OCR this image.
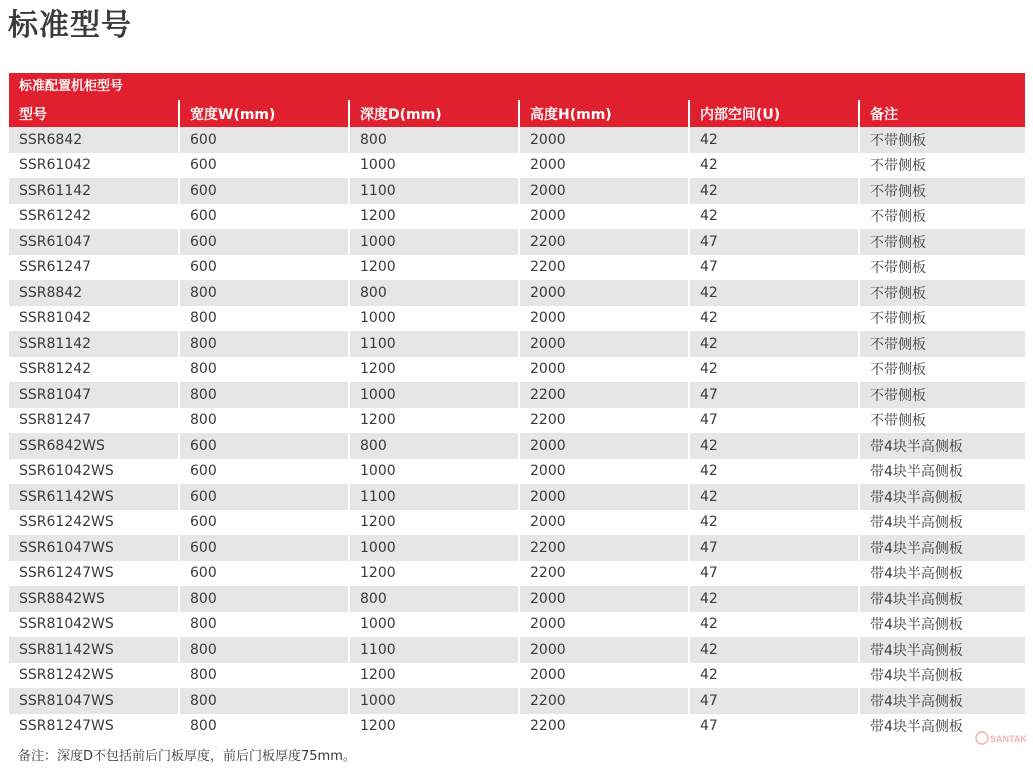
标准型号
标准配置机柜型号
型号	宽度W(mm)	深度D(mm)	高度H(mm)	内部空间(U)	备注
SSR6842	600	800	2000	42	不带侧板
SSR61042	600	1000	2000	42	不带侧板
SSR61142	600	1100	2000	42	不带侧板
SSR61242	600	1200	2000	42	不带侧板
SSR61047	600	1000	2200	47	不带侧板
SSR61247	600	1200	2200	47	不带侧板
SSR8842	800	800	2000	42	不带侧板
SSR81042	800	1000	2000	42	不带侧板
SSR81142	800	1100	2000	42	不带侧板
SSR81242	800	1200	2000	42	不带侧板
SSR81047	800	1000	2200	47	不带侧板
SSR81247	800	1200	2200	47	不带侧板
SSR6842WS	600	800	2000	42	带4块半高侧板
SSR61042WS	600	1000	2000	42	带4块半高侧板
SSR61142WS	600	1100	2000	42	带4块半高侧板
SSR61242WS	600	1200	2000	42	带4块半高侧板
SSR61047WS	600	1000	2200	47	带4块半高侧板
SSR61247WS	600	1200	2200	47	带4块半高侧板
SSR8842WS	800	800	2000	42	带4块半高侧板
SSR81042WS	800	1000	2000	42	带4块半高侧板
SSR81142WS	800	1100	2000	42	带4块半高侧板
SSR81242WS	800	1200	2000	42	带4块半高侧板
SSR81047WS	800	1000	2200	47	带4块半高侧板
SSR81247WS	800	1200	2200	47	带4块半高侧板
备注：深度D不包括前后门板厚度，前后门板厚度75mm。
SANTAK
